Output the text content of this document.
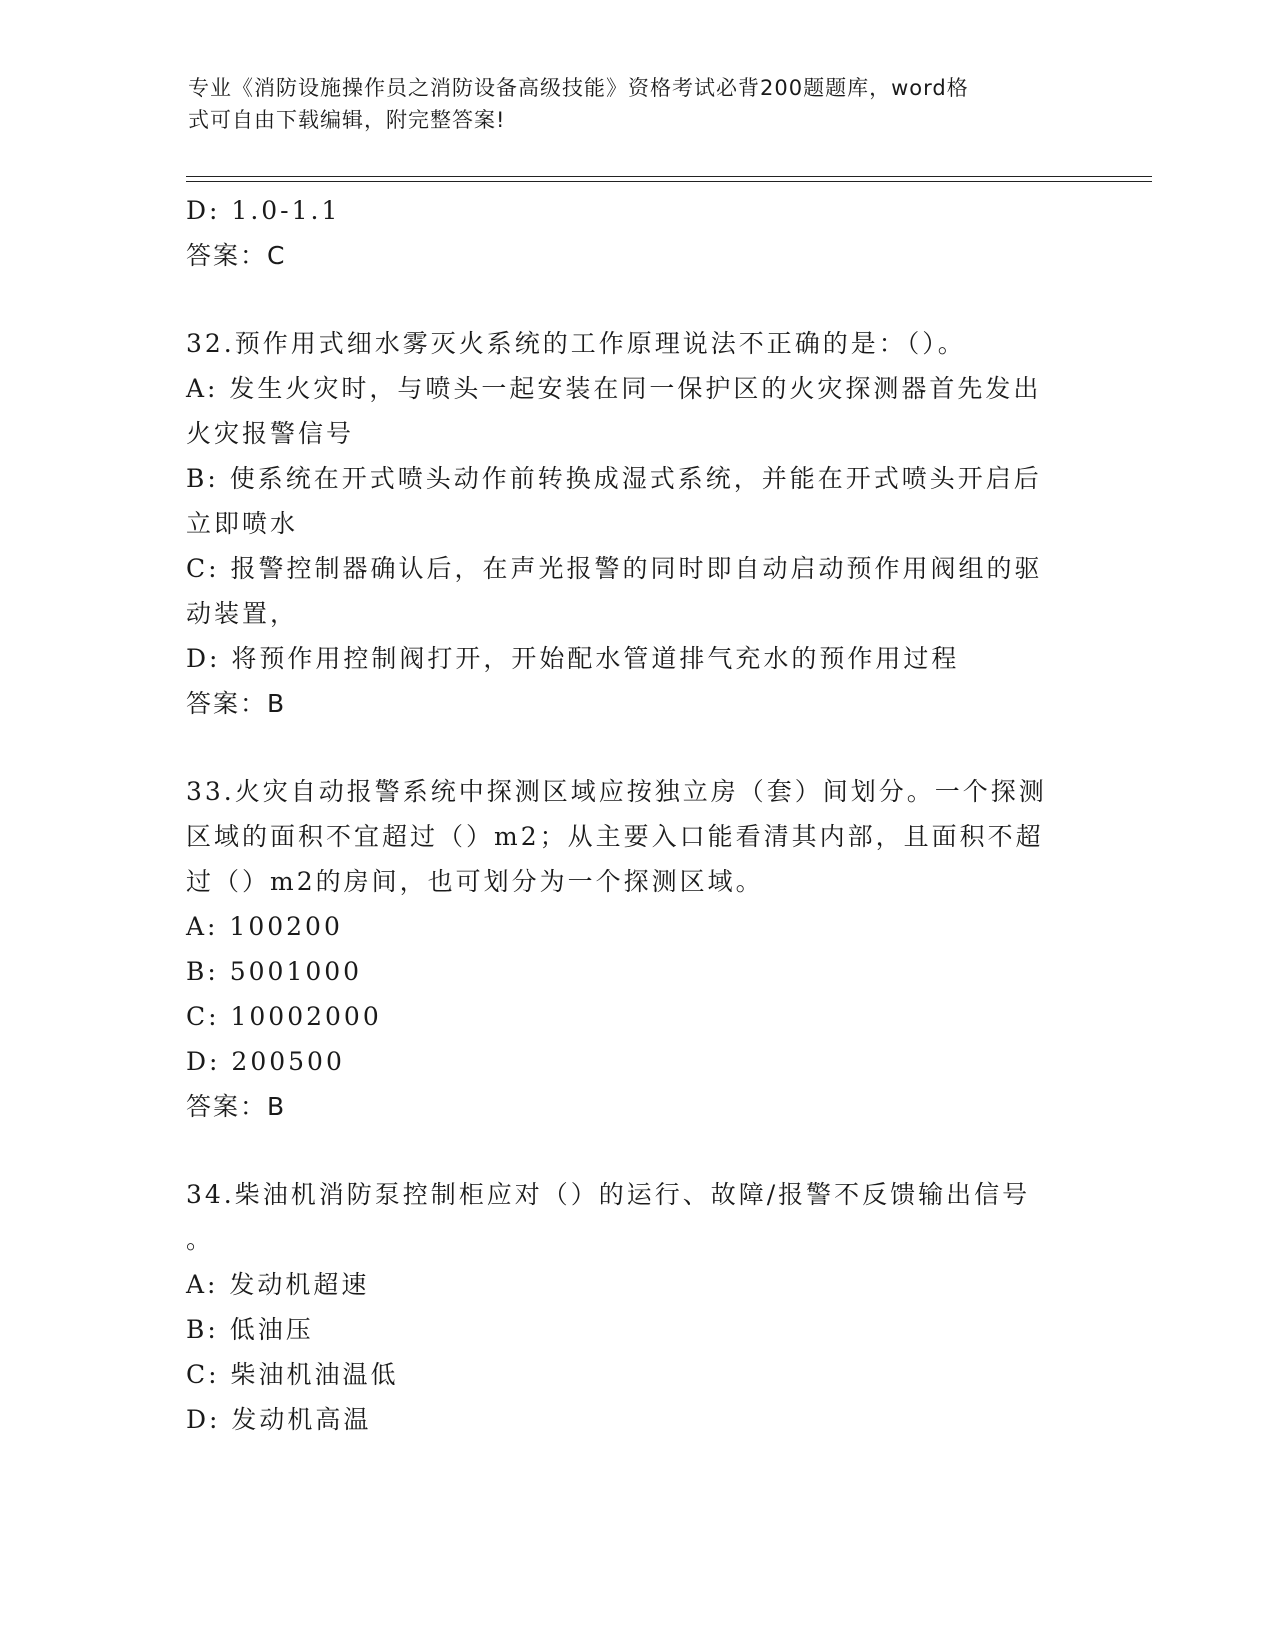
专业《消防设施操作员之消防设备高级技能》资格考试必背200题题库，word格
式可自由下载编辑，附完整答案!
D: 1.0-1.1
答案：C
32.预作用式细水雾灭火系统的工作原理说法不正确的是：（）。
A: 发生火灾时，与喷头一起安装在同一保护区的火灾探测器首先发出
火灾报警信号
B: 使系统在开式喷头动作前转换成湿式系统，并能在开式喷头开启后
立即喷水
C: 报警控制器确认后，在声光报警的同时即自动启动预作用阀组的驱
动装置，
D: 将预作用控制阀打开，开始配水管道排气充水的预作用过程
答案：B
33.火灾自动报警系统中探测区域应按独立房（套）间划分。一个探测
区域的面积不宜超过（）m2；从主要入口能看清其内部，且面积不超
过（）m2的房间，也可划分为一个探测区域。
A: 100200
B: 5001000
C: 10002000
D: 200500
答案：B
34.柴油机消防泵控制柜应对（）的运行、故障/报警不反馈输出信号
。
A: 发动机超速
B: 低油压
C: 柴油机油温低
D: 发动机高温
